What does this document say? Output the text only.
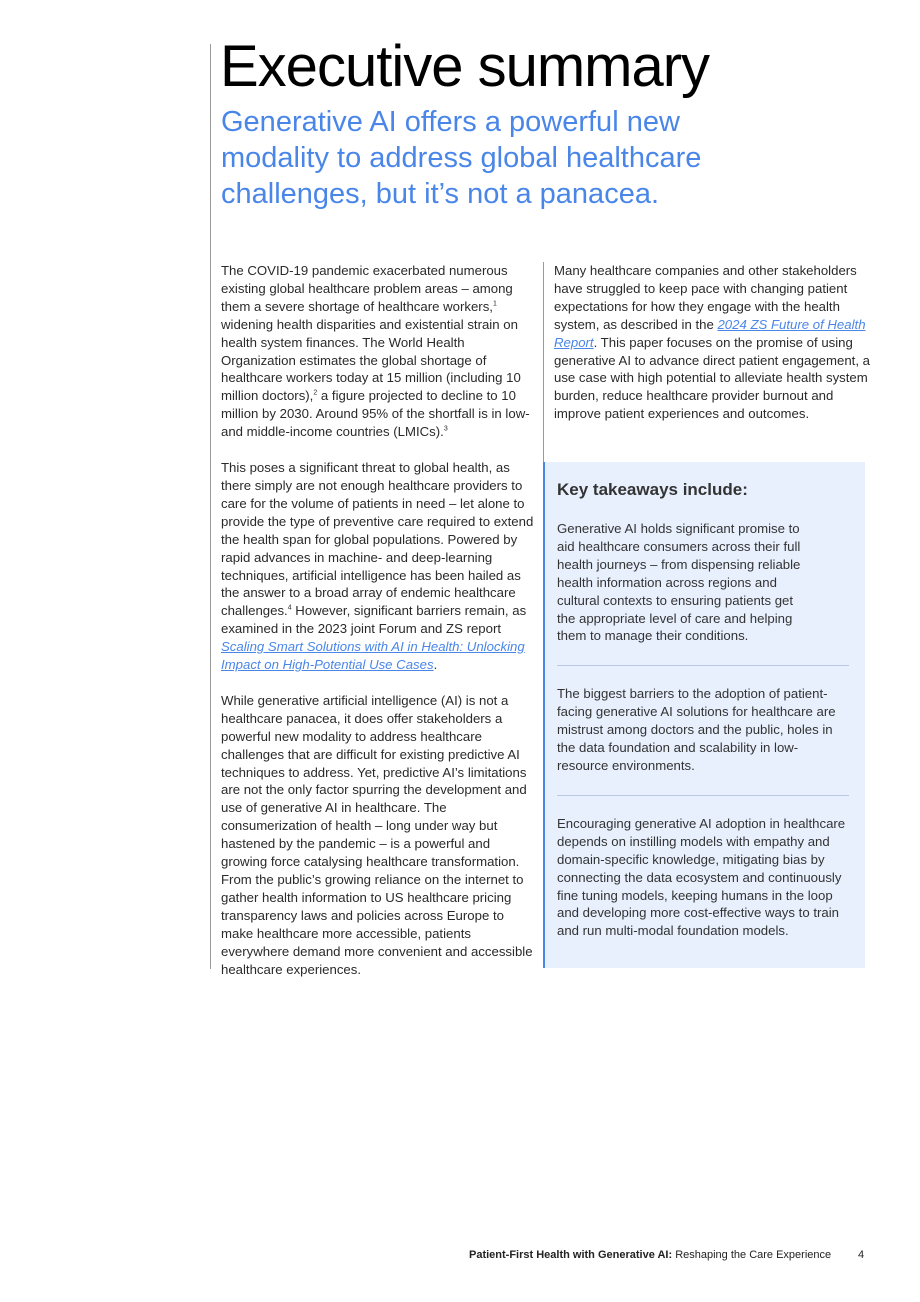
Executive summary
Generative AI offers a powerful new modality to address global healthcare challenges, but it’s not a panacea.

The COVID-19 pandemic exacerbated numerous existing global healthcare problem areas – among them a severe shortage of healthcare workers,$^1$ widening health disparities and existential strain on health system finances. The World Health Organization estimates the global shortage of healthcare workers today at 15 million (including 10 million doctors),$^2$ a figure projected to decline to 10 million by 2030. Around 95% of the shortfall is in low- and middle-income countries (LMICs).$^3$

This poses a significant threat to global health, as there simply are not enough healthcare providers to care for the volume of patients in need – let alone to provide the type of preventive care required to extend the health span for global populations. Powered by rapid advances in machine- and deep-learning techniques, artificial intelligence has been hailed as the answer to a broad array of endemic healthcare challenges.$^4$ However, significant barriers remain, as examined in the 2023 joint Forum and ZS report Scaling Smart Solutions with AI in Health: Unlocking Impact on High-Potential Use Cases.

While generative artificial intelligence (AI) is not a healthcare panacea, it does offer stakeholders a powerful new modality to address healthcare challenges that are difficult for existing predictive AI techniques to address. Yet, predictive AI’s limitations are not the only factor spurring the development and use of generative AI in healthcare. The consumerization of health – long under way but hastened by the pandemic – is a powerful and growing force catalysing healthcare transformation. From the public’s growing reliance on the internet to gather health information to US healthcare pricing transparency laws and policies across Europe to make healthcare more accessible, patients everywhere demand more convenient and accessible healthcare experiences.

Many healthcare companies and other stakeholders have struggled to keep pace with changing patient expectations for how they engage with the health system, as described in the 2024 ZS Future of Health Report. This paper focuses on the promise of using generative AI to advance direct patient engagement, a use case with high potential to alleviate health system burden, reduce healthcare provider burnout and improve patient experiences and outcomes.

Key takeaways include:
Generative AI holds significant promise to aid healthcare consumers across their full health journeys – from dispensing reliable health information across regions and cultural contexts to ensuring patients get the appropriate level of care and helping them to manage their conditions.
The biggest barriers to the adoption of patient-facing generative AI solutions for healthcare are mistrust among doctors and the public, holes in the data foundation and scalability in low-resource environments.
Encouraging generative AI adoption in healthcare depends on instilling models with empathy and domain-specific knowledge, mitigating bias by connecting the data ecosystem and continuously fine tuning models, keeping humans in the loop and developing more cost-effective ways to train and run multi-modal foundation models.
Patient-First Health with Generative AI: Reshaping the Care Experience 4
